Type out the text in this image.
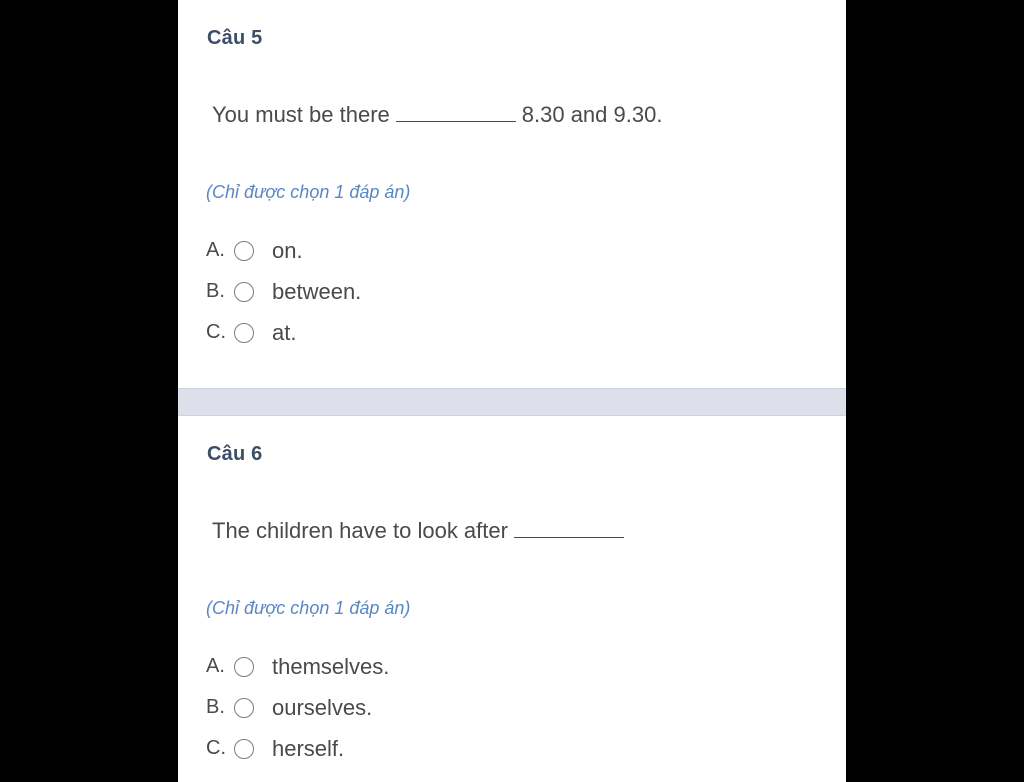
Câu 5
You must be there	8.30 and 9.30.
(Chỉ được chọn 1 đáp án)
A.	on.
B.	between.
C.	at.
Câu 6
The children have to look after
(Chỉ được chọn 1 đáp án)
A.	themselves.
B.	ourselves.
C.	herself.
